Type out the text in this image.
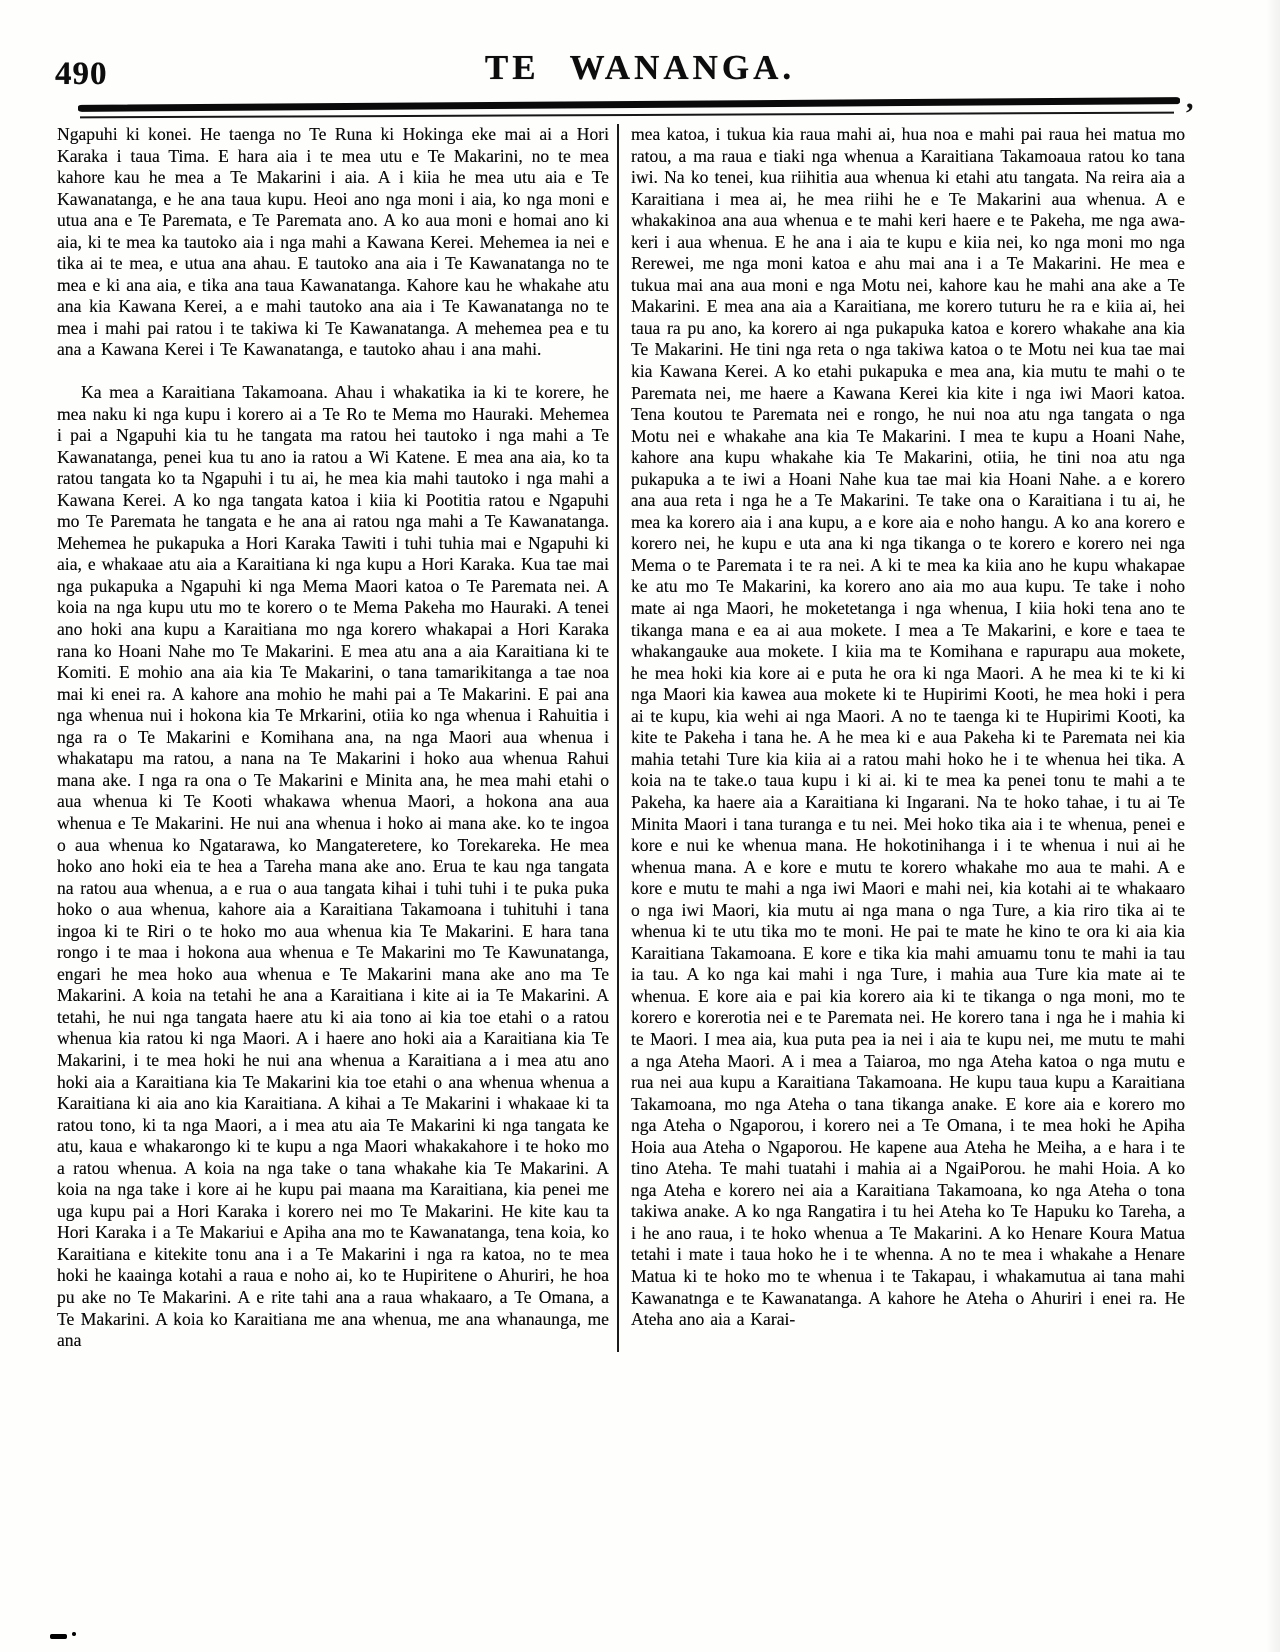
490	TE WANANGA.
,

Ngapuhi ki konei. He taenga no Te Runa ki Hokinga eke mai ai a Hori Karaka i taua Tima. E hara aia i te mea utu e Te Makarini, no te mea kahore kau he mea a Te Makarini i aia. A i kiia he mea utu aia e Te Kawanatanga, e he ana taua kupu. Heoi ano nga moni i aia, ko nga moni e utua ana e Te Paremata, e Te Paremata ano. A ko aua moni e homai ano ki aia, ki te mea ka tautoko aia i nga mahi a Kawana Kerei. Mehemea ia nei e tika ai te mea, e utua ana ahau. E tautoko ana aia i Te Kawanatanga no te mea e ki ana aia, e tika ana taua Kawanatanga. Kahore kau he whakahe atu ana kia Kawana Kerei, a e mahi tautoko ana aia i Te Kawanatanga no te mea i mahi pai ratou i te takiwa ki Te Kawanatanga. A mehemea pea e tu ana a Kawana Kerei i Te Kawanatanga, e tautoko ahau i ana mahi.

Ka mea a Karaitiana Takamoana. Ahau i whakatika ia ki te korere, he mea naku ki nga kupu i korero ai a Te Ro te Mema mo Hauraki. Mehemea i pai a Ngapuhi kia tu he tangata ma ratou hei tautoko i nga mahi a Te Kawanatanga, penei kua tu ano ia ratou a Wi Katene. E mea ana aia, ko ta ratou tangata ko ta Ngapuhi i tu ai, he mea kia mahi tautoko i nga mahi a Kawana Kerei. A ko nga tangata katoa i kiia ki Pootitia ratou e Ngapuhi mo Te Paremata he tangata e he ana ai ratou nga mahi a Te Kawanatanga. Mehemea he pukapuka a Hori Karaka Tawiti i tuhi tuhia mai e Ngapuhi ki aia, e whakaae atu aia a Karaitiana ki nga kupu a Hori Karaka. Kua tae mai nga pukapuka a Ngapuhi ki nga Mema Maori katoa o Te Paremata nei. A koia na nga kupu utu mo te korero o te Mema Pakeha mo Hauraki. A tenei ano hoki ana kupu a Karaitiana mo nga korero whakapai a Hori Karaka rana ko Hoani Nahe mo Te Makarini. E mea atu ana a aia Karaitiana ki te Komiti. E mohio ana aia kia Te Makarini, o tana tamarikitanga a tae noa mai ki enei ra. A kahore ana mohio he mahi pai a Te Makarini. E pai ana nga whenua nui i hokona kia Te Mrkarini, otiia ko nga whenua i Rahuitia i nga ra o Te Makarini e Komihana ana, na nga Maori aua whenua i whakatapu ma ratou, a nana na Te Makarini i hoko aua whenua Rahui mana ake. I nga ra ona o Te Makarini e Minita ana, he mea mahi etahi o aua whenua ki Te Kooti whakawa whenua Maori, a hokona ana aua whenua e Te Makarini. He nui ana whenua i hoko ai mana ake. ko te ingoa o aua whenua ko Ngatarawa, ko Mangateretere, ko Torekareka. He mea hoko ano hoki eia te hea a Tareha mana ake ano. Erua te kau nga tangata na ratou aua whenua, a e rua o aua tangata kihai i tuhi tuhi i te puka puka hoko o aua whenua, kahore aia a Karaitiana Takamoana i tuhituhi i tana ingoa ki te Riri o te hoko mo aua whenua kia Te Makarini. E hara tana rongo i te maa i hokona aua whenua e Te Makarini mo Te Kawunatanga, engari he mea hoko aua whenua e Te Makarini mana ake ano ma Te Makarini. A koia na tetahi he ana a Karaitiana i kite ai ia Te Makarini. A tetahi, he nui nga tangata haere atu ki aia tono ai kia toe etahi o a ratou whenua kia ratou ki nga Maori. A i haere ano hoki aia a Karaitiana kia Te Makarini, i te mea hoki he nui ana whenua a Karaitiana a i mea atu ano hoki aia a Karaitiana kia Te Makarini kia toe etahi o ana whenua whenua a Karaitiana ki aia ano kia Karaitiana. A kihai a Te Makarini i whakaae ki ta ratou tono, ki ta nga Maori, a i mea atu aia Te Makarini ki nga tangata ke atu, kaua e whakarongo ki te kupu a nga Maori whakakahore i te hoko mo a ratou whenua. A koia na nga take o tana whakahe kia Te Makarini. A koia na nga take i kore ai he kupu pai maana ma Karaitiana, kia penei me uga kupu pai a Hori Karaka i korero nei mo Te Makarini. He kite kau ta Hori Karaka i a Te Makariui e Apiha ana mo te Kawanatanga, tena koia, ko Karaitiana e kitekite tonu ana i a Te Makarini i nga ra katoa, no te mea hoki he kaainga kotahi a raua e noho ai, ko te Hupiritene o Ahuriri, he hoa pu ake no Te Makarini. A e rite tahi ana a raua whakaaro, a Te Omana, a Te Makarini. A koia ko Karaitiana me ana whenua, me ana whanaunga, me ana

mea katoa, i tukua kia raua mahi ai, hua noa e mahi pai raua hei matua mo ratou, a ma raua e tiaki nga whenua a Karaitiana Takamoaua ratou ko tana iwi. Na ko tenei, kua riihitia aua whenua ki etahi atu tangata. Na reira aia a Karaitiana i mea ai, he mea riihi he e Te Makarini aua whenua. A e whakakinoa ana aua whenua e te mahi keri haere e te Pakeha, me nga awa-keri i aua whenua. E he ana i aia te kupu e kiia nei, ko nga moni mo nga Rerewei, me nga moni katoa e ahu mai ana i a Te Makarini. He mea e tukua mai ana aua moni e nga Motu nei, kahore kau he mahi ana ake a Te Makarini. E mea ana aia a Karaitiana, me korero tuturu he ra e kiia ai, hei taua ra pu ano, ka korero ai nga pukapuka katoa e korero whakahe ana kia Te Makarini. He tini nga reta o nga takiwa katoa o te Motu nei kua tae mai kia Kawana Kerei. A ko etahi pukapuka e mea ana, kia mutu te mahi o te Paremata nei, me haere a Kawana Kerei kia kite i nga iwi Maori katoa. Tena koutou te Paremata nei e rongo, he nui noa atu nga tangata o nga Motu nei e whakahe ana kia Te Makarini. I mea te kupu a Hoani Nahe, kahore ana kupu whakahe kia Te Makarini, otiia, he tini noa atu nga pukapuka a te iwi a Hoani Nahe kua tae mai kia Hoani Nahe. a e korero ana aua reta i nga he a Te Makarini. Te take ona o Karaitiana i tu ai, he mea ka korero aia i ana kupu, a e kore aia e noho hangu. A ko ana korero e korero nei, he kupu e uta ana ki nga tikanga o te korero e korero nei nga Mema o te Paremata i te ra nei. A ki te mea ka kiia ano he kupu whakapae ke atu mo Te Makarini, ka korero ano aia mo aua kupu. Te take i noho mate ai nga Maori, he moketetanga i nga whenua, I kiia hoki tena ano te tikanga mana e ea ai aua mokete. I mea a Te Makarini, e kore e taea te whakangauke aua mokete. I kiia ma te Komihana e rapurapu aua mokete, he mea hoki kia kore ai e puta he ora ki nga Maori. A he mea ki te ki ki nga Maori kia kawea aua mokete ki te Hupirimi Kooti, he mea hoki i pera ai te kupu, kia wehi ai nga Maori. A no te taenga ki te Hupirimi Kooti, ka kite te Pakeha i tana he. A he mea ki e aua Pakeha ki te Paremata nei kia mahia tetahi Ture kia kiia ai a ratou mahi hoko he i te whenua hei tika. A koia na te take.o taua kupu i ki ai. ki te mea ka penei tonu te mahi a te Pakeha, ka haere aia a Karaitiana ki Ingarani. Na te hoko tahae, i tu ai Te Minita Maori i tana turanga e tu nei. Mei hoko tika aia i te whenua, penei e kore e nui ke whenua mana. He hokotinihanga i i te whenua i nui ai he whenua mana. A e kore e mutu te korero whakahe mo aua te mahi. A e kore e mutu te mahi a nga iwi Maori e mahi nei, kia kotahi ai te whakaaro o nga iwi Maori, kia mutu ai nga mana o nga Ture, a kia riro tika ai te whenua ki te utu tika mo te moni. He pai te mate he kino te ora ki aia kia Karaitiana Takamoana. E kore e tika kia mahi amuamu tonu te mahi ia tau ia tau. A ko nga kai mahi i nga Ture, i mahia aua Ture kia mate ai te whenua. E kore aia e pai kia korero aia ki te tikanga o nga moni, mo te korero e korerotia nei e te Paremata nei. He korero tana i nga he i mahia ki te Maori. I mea aia, kua puta pea ia nei i aia te kupu nei, me mutu te mahi a nga Ateha Maori. A i mea a Taiaroa, mo nga Ateha katoa o nga mutu e rua nei aua kupu a Karaitiana Takamoana. He kupu taua kupu a Karaitiana Takamoana, mo nga Ateha o tana tikanga anake. E kore aia e korero mo nga Ateha o Ngaporou, i korero nei a Te Omana, i te mea hoki he Apiha Hoia aua Ateha o Ngaporou. He kapene aua Ateha he Meiha, a e hara i te tino Ateha. Te mahi tuatahi i mahia ai a NgaiPorou. he mahi Hoia. A ko nga Ateha e korero nei aia a Karaitiana Takamoana, ko nga Ateha o tona takiwa anake. A ko nga Rangatira i tu hei Ateha ko Te Hapuku ko Tareha, a i he ano raua, i te hoko whenua a Te Makarini. A ko Henare Koura Matua tetahi i mate i taua hoko he i te whenna. A no te mea i whakahe a Henare Matua ki te hoko mo te whenua i te Takapau, i whakamutua ai tana mahi Kawanatnga e te Kawanatanga. A kahore he Ateha o Ahuriri i enei ra. He Ateha ano aia a Karai-
